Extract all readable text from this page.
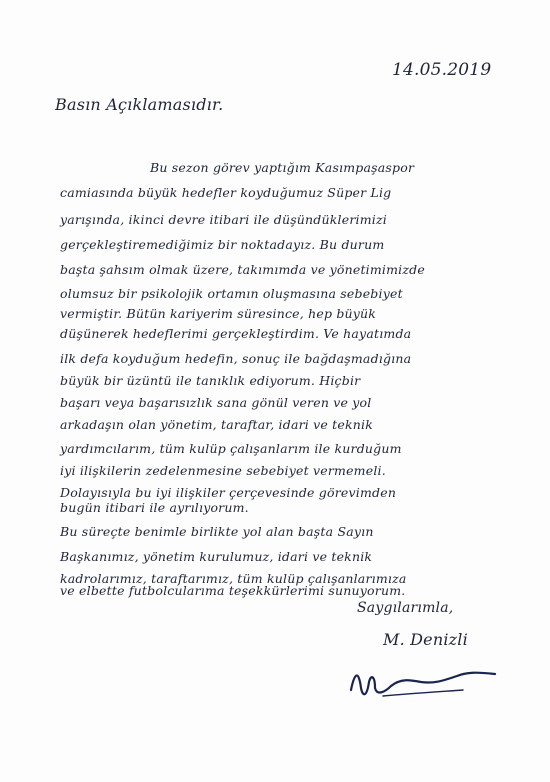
14.05.2019
Basın Açıklamasıdır.
Bu sezon görev yaptığım Kasımpaşaspor
camiasında büyük hedefler koyduğumuz Süper Lig
yarışında, ikinci devre itibari ile düşündüklerimizi
gerçekleştiremediğimiz bir noktadayız. Bu durum
başta şahsım olmak üzere, takımımda ve yönetimimizde
olumsuz bir psikolojik ortamın oluşmasına sebebiyet
vermiştir. Bütün kariyerim süresince, hep büyük
düşünerek hedeflerimi gerçekleştirdim. Ve hayatımda
ilk defa koyduğum hedefin, sonuç ile bağdaşmadığına
büyük bir üzüntü ile tanıklık ediyorum. Hiçbir
başarı veya başarısızlık sana gönül veren ve yol
arkadaşın olan yönetim, taraftar, idari ve teknik
yardımcılarım, tüm kulüp çalışanlarım ile kurduğum
iyi ilişkilerin zedelenmesine sebebiyet vermemeli.
Dolayısıyla bu iyi ilişkiler çerçevesinde görevimden
bugün itibari ile ayrılıyorum.
Bu süreçte benimle birlikte yol alan başta Sayın
Başkanımız, yönetim kurulumuz, idari ve teknik
kadrolarımız, taraftarımız, tüm kulüp çalışanlarımıza
ve elbette futbolcularıma teşekkürlerimi sunuyorum.
Saygılarımla,
M. Denizli
